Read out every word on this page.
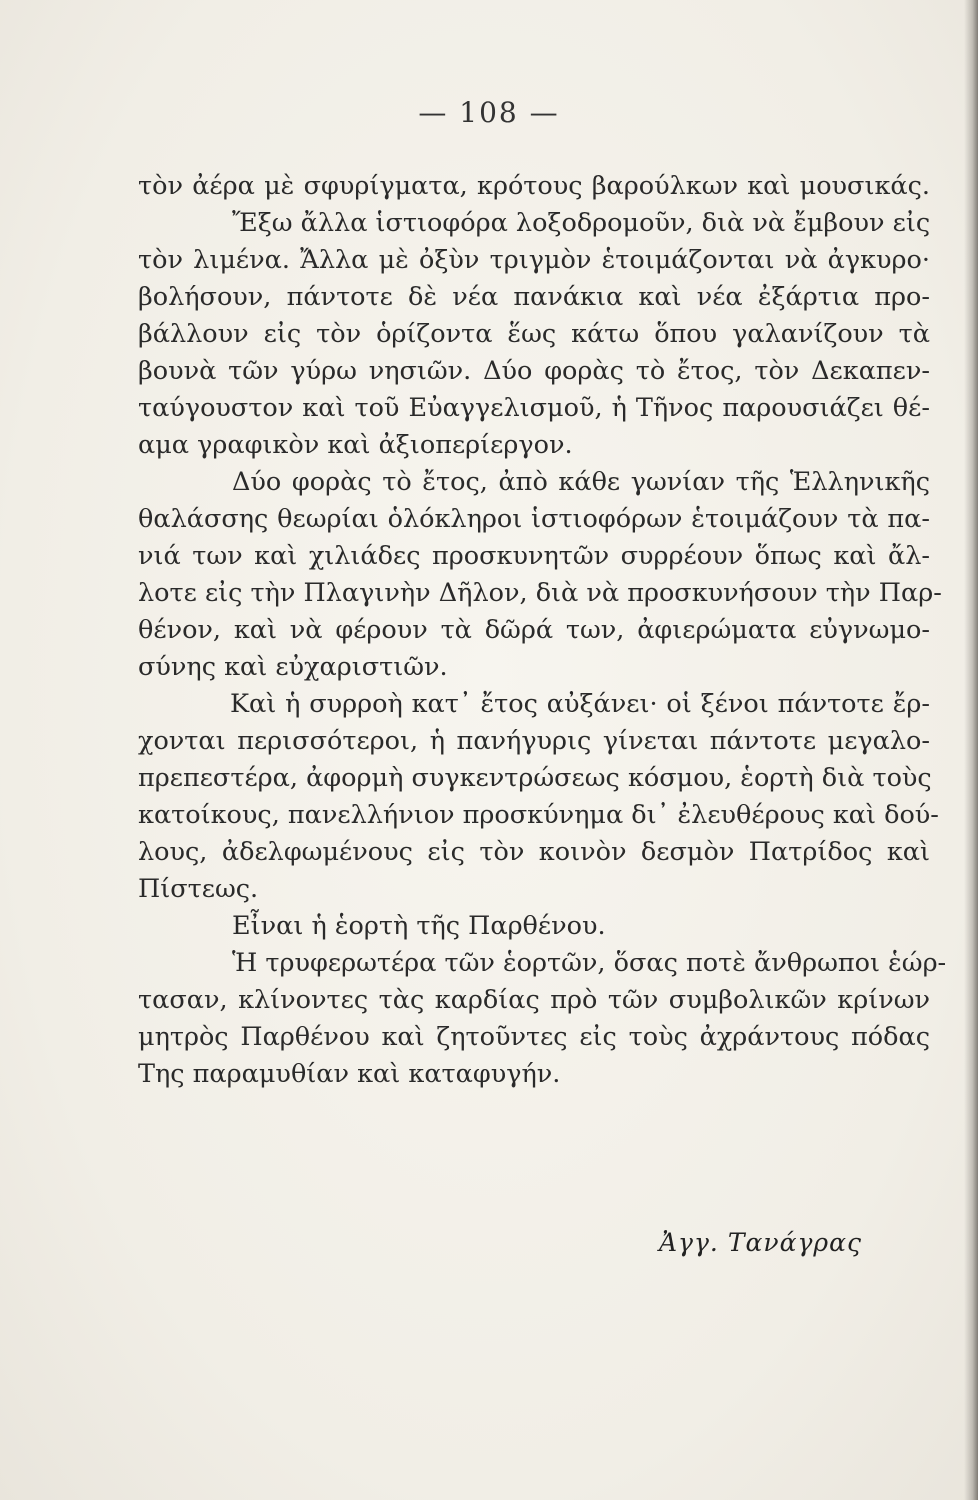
— 108 —
τὸν ἀέρα μὲ σφυρίγματα, κρότους βαρούλκων καὶ μουσικάς.
Ἔξω ἄλλα ἱστιοφόρα λοξοδρομοῦν, διὰ νὰ ἔμβουν εἰς
τὸν λιμένα. Ἄλλα μὲ ὀξὺν τριγμὸν ἑτοιμάζονται νὰ ἀγκυρο·
βολήσουν, πάντοτε δὲ νέα πανάκια καὶ νέα ἐξάρτια προ-
βάλλουν εἰς τὸν ὁρίζοντα ἕως κάτω ὅπου γαλανίζουν τὰ
βουνὰ τῶν γύρω νησιῶν. Δύο φορὰς τὸ ἔτος, τὸν Δεκαπεν-
ταύγουστον καὶ τοῦ Εὐαγγελισμοῦ, ἡ Τῆνος παρουσιάζει θέ-
αμα γραφικὸν καὶ ἀξιοπερίεργον.
Δύο φορὰς τὸ ἔτος, ἀπὸ κάθε γωνίαν τῆς Ἑλληνικῆς
θαλάσσης θεωρίαι ὁλόκληροι ἱστιοφόρων ἑτοιμάζουν τὰ πα-
νιά των καὶ χιλιάδες προσκυνητῶν συρρέουν ὅπως καὶ ἄλ-
λοτε εἰς τὴν Πλαγινὴν Δῆλον, διὰ νὰ προσκυνήσουν τὴν Παρ-
θένον, καὶ νὰ φέρουν τὰ δῶρά των, ἀφιερώματα εὐγνωμο-
σύνης καὶ εὐχαριστιῶν.
Καὶ ἡ συρροὴ κατ᾽ ἔτος αὐξάνει· οἱ ξένοι πάντοτε ἔρ-
χονται περισσότεροι, ἡ πανήγυρις γίνεται πάντοτε μεγαλο-
πρεπεστέρα, ἀφορμὴ συγκεντρώσεως κόσμου, ἑορτὴ διὰ τοὺς
κατοίκους, πανελλήνιον προσκύνημα δι᾽ ἐλευθέρους καὶ δού-
λους, ἀδελφωμένους εἰς τὸν κοινὸν δεσμὸν Πατρίδος καὶ
Πίστεως.
Εἶναι ἡ ἑορτὴ τῆς Παρθένου.
Ἡ τρυφερωτέρα τῶν ἑορτῶν, ὅσας ποτὲ ἄνθρωποι ἑώρ-
τασαν, κλίνοντες τὰς καρδίας πρὸ τῶν συμβολικῶν κρίνων
μητρὸς Παρθένου καὶ ζητοῦντες εἰς τοὺς ἀχράντους πόδας
Της παραμυθίαν καὶ καταφυγήν.
Ἀγγ. Τανάγρας
